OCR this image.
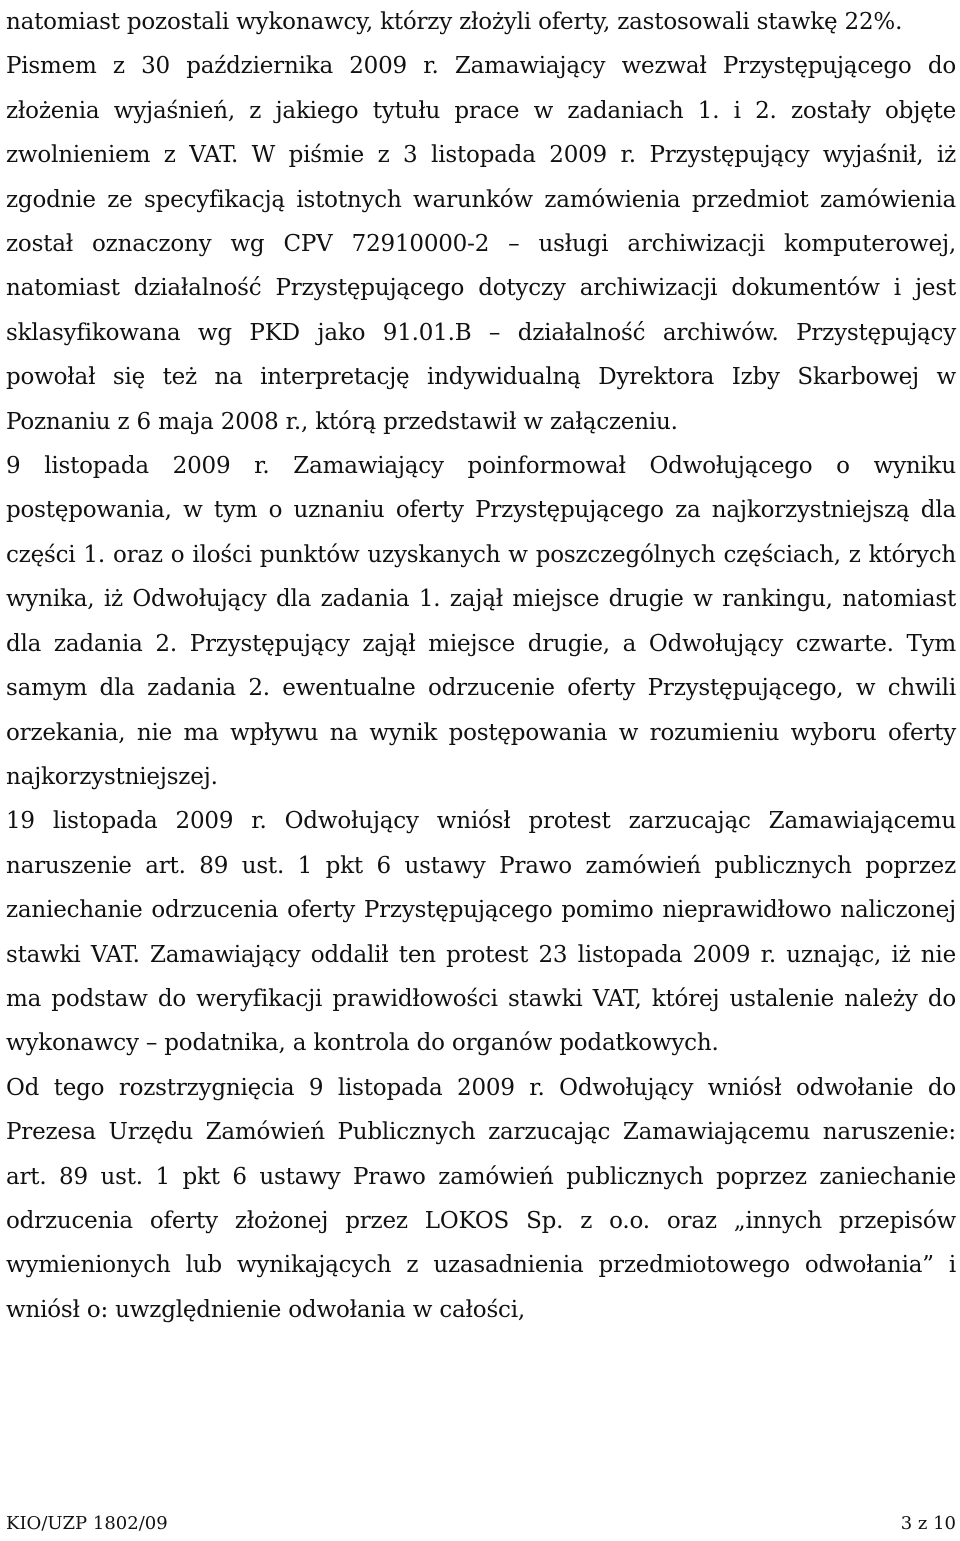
natomiast pozostali wykonawcy, którzy złożyli oferty, zastosowali stawkę 22%.

Pismem z 30 października 2009 r. Zamawiający wezwał Przystępującego do złożenia wyjaśnień, z jakiego tytułu prace w zadaniach 1. i 2. zostały objęte zwolnieniem z VAT. W piśmie z 3 listopada 2009 r. Przystępujący wyjaśnił, iż zgodnie ze specyfikacją istotnych warunków zamówienia przedmiot zamówienia został oznaczony wg CPV 72910000-2 – usługi archiwizacji komputerowej, natomiast działalność Przystępującego dotyczy archiwizacji dokumentów i jest sklasyfikowana wg PKD jako 91.01.B – działalność archiwów. Przystępujący powołał się też na interpretację indywidualną Dyrektora Izby Skarbowej w Poznaniu z 6 maja 2008 r., którą przedstawił w załączeniu.

9 listopada 2009 r. Zamawiający poinformował Odwołującego o wyniku postępowania, w tym o uznaniu oferty Przystępującego za najkorzystniejszą dla części 1. oraz o ilości punktów uzyskanych w poszczególnych częściach, z których wynika, iż Odwołujący dla zadania 1. zajął miejsce drugie w rankingu, natomiast dla zadania 2. Przystępujący zajął miejsce drugie, a Odwołujący czwarte. Tym samym dla zadania 2. ewentualne odrzucenie oferty Przystępującego, w chwili orzekania, nie ma wpływu na wynik postępowania w rozumieniu wyboru oferty najkorzystniejszej.

19 listopada 2009 r. Odwołujący wniósł protest zarzucając Zamawiającemu naruszenie art. 89 ust. 1 pkt 6 ustawy Prawo zamówień publicznych poprzez zaniechanie odrzucenia oferty Przystępującego pomimo nieprawidłowo naliczonej stawki VAT. Zamawiający oddalił ten protest 23 listopada 2009 r. uznając, iż nie ma podstaw do weryfikacji prawidłowości stawki VAT, której ustalenie należy do wykonawcy – podatnika, a kontrola do organów podatkowych.

Od tego rozstrzygnięcia 9 listopada 2009 r. Odwołujący wniósł odwołanie do Prezesa Urzędu Zamówień Publicznych zarzucając Zamawiającemu naruszenie: art. 89 ust. 1 pkt 6 ustawy Prawo zamówień publicznych poprzez zaniechanie odrzucenia oferty złożonej przez LOKOS Sp. z o.o. oraz „innych przepisów wymienionych lub wynikających z uzasadnienia przedmiotowego odwołania” i wniósł o: uwzględnienie odwołania w całości,

KIO/UZP 1802/09	3 z 10
